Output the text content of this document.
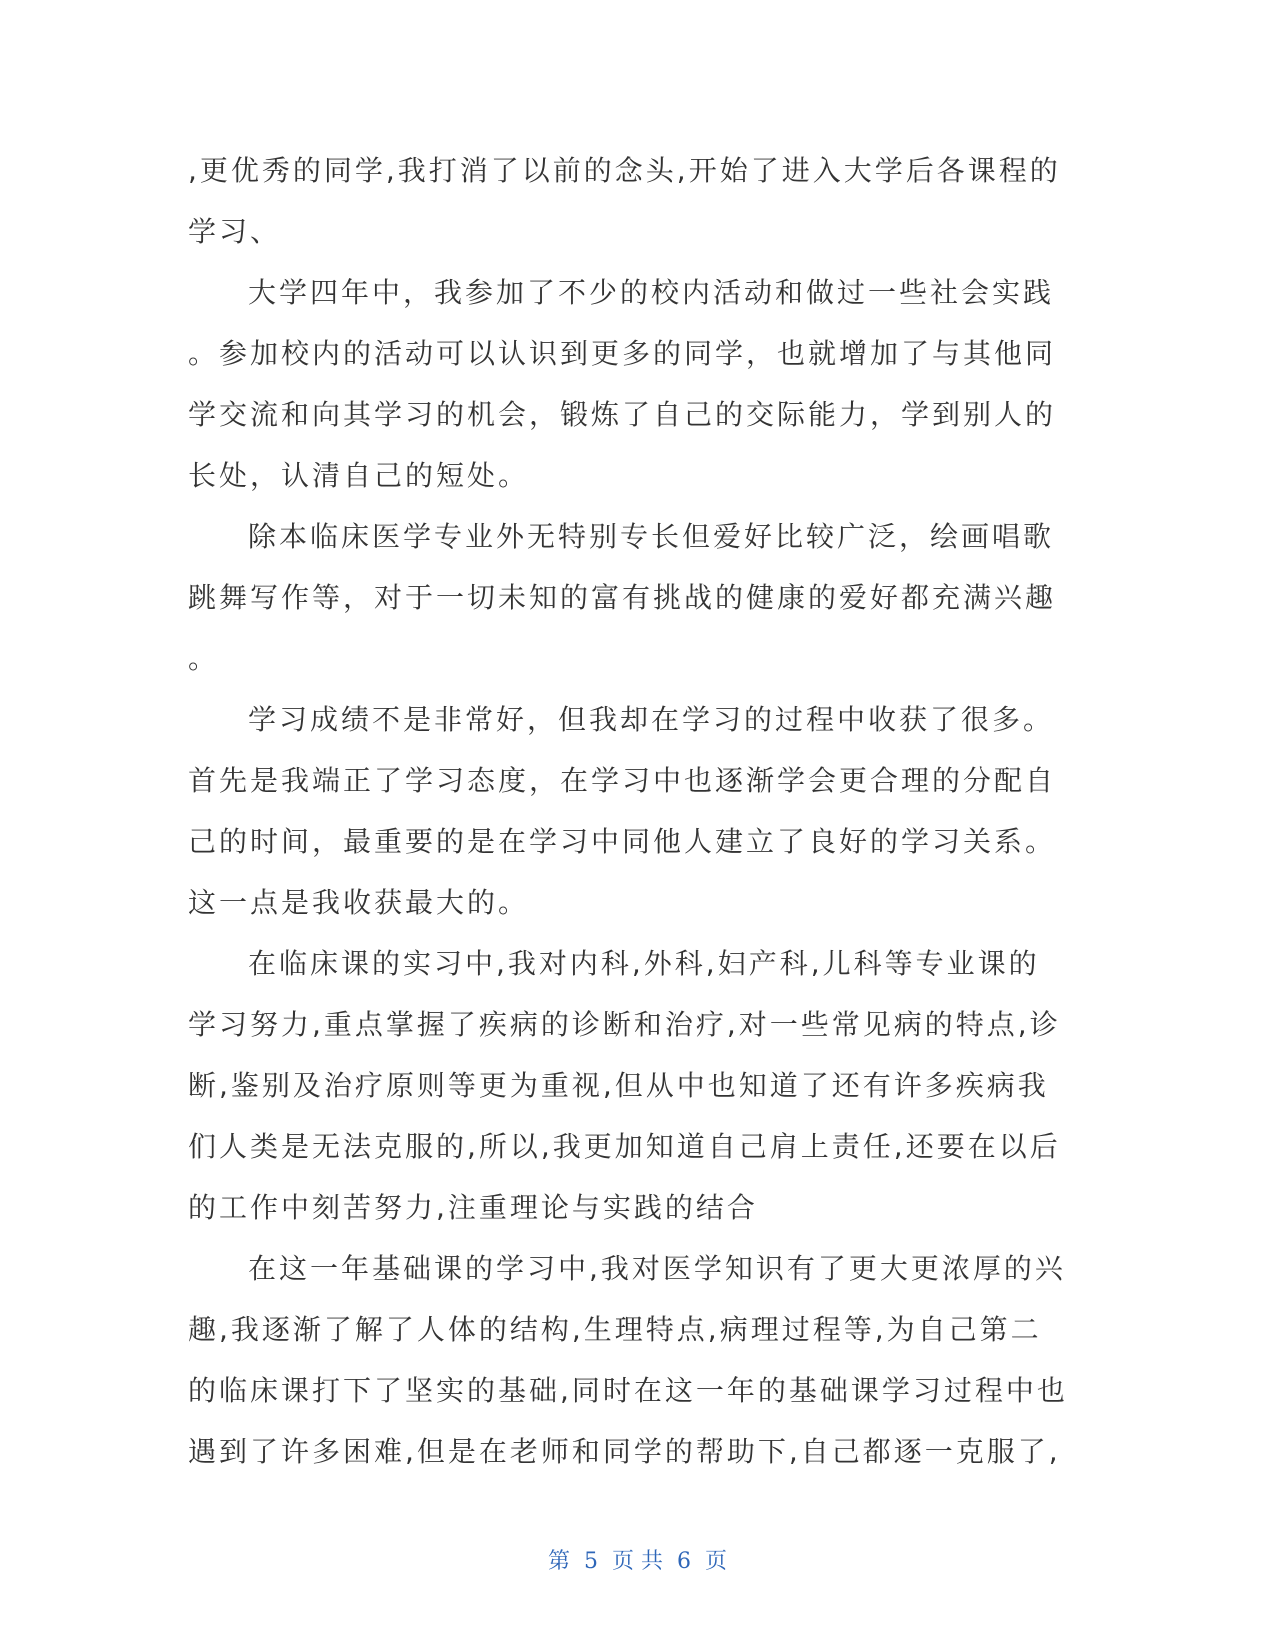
,更优秀的同学,我打消了以前的念头,开始了进入大学后各课程的
学习、
大学四年中，我参加了不少的校内活动和做过一些社会实践
。参加校内的活动可以认识到更多的同学，也就增加了与其他同
学交流和向其学习的机会，锻炼了自己的交际能力，学到别人的
长处，认清自己的短处。
除本临床医学专业外无特别专长但爱好比较广泛，绘画唱歌
跳舞写作等，对于一切未知的富有挑战的健康的爱好都充满兴趣
。
学习成绩不是非常好，但我却在学习的过程中收获了很多。
首先是我端正了学习态度，在学习中也逐渐学会更合理的分配自
己的时间，最重要的是在学习中同他人建立了良好的学习关系。
这一点是我收获最大的。
在临床课的实习中,我对内科,外科,妇产科,儿科等专业课的
学习努力,重点掌握了疾病的诊断和治疗,对一些常见病的特点,诊
断,鉴别及治疗原则等更为重视,但从中也知道了还有许多疾病我
们人类是无法克服的,所以,我更加知道自己肩上责任,还要在以后
的工作中刻苦努力,注重理论与实践的结合
在这一年基础课的学习中,我对医学知识有了更大更浓厚的兴
趣,我逐渐了解了人体的结构,生理特点,病理过程等,为自己第二
的临床课打下了坚实的基础,同时在这一年的基础课学习过程中也
遇到了许多困难,但是在老师和同学的帮助下,自己都逐一克服了,
第 5 页 共 6 页
